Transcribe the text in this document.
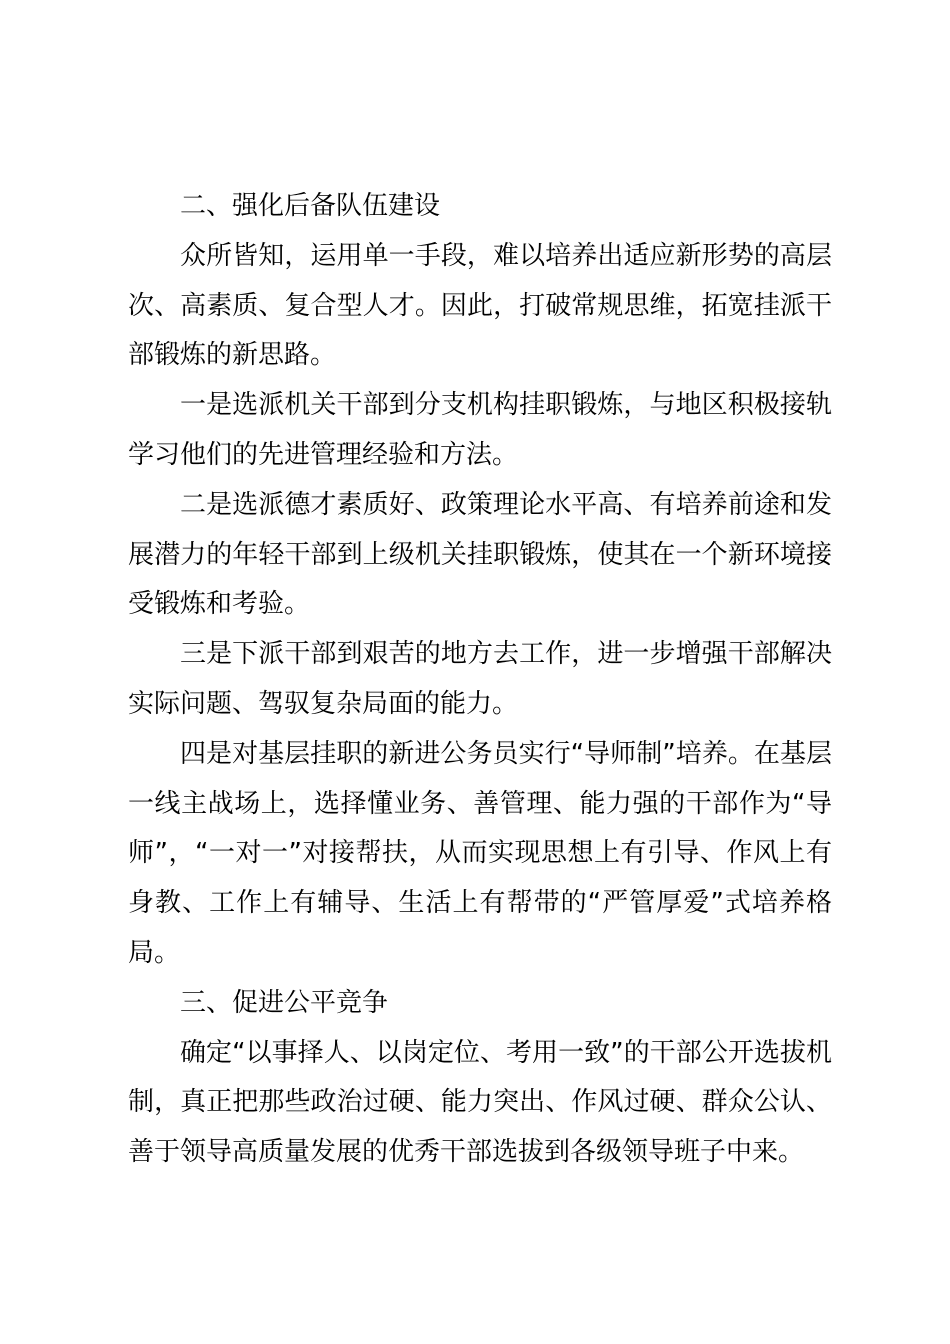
二、强化后备队伍建设

众所皆知，运用单一手段，难以培养出适应新形势的高层次、高素质、复合型人才。因此，打破常规思维，拓宽挂派干部锻炼的新思路。

一是选派机关干部到分支机构挂职锻炼，与地区积极接轨学习他们的先进管理经验和方法。

二是选派德才素质好、政策理论水平高、有培养前途和发展潜力的年轻干部到上级机关挂职锻炼，使其在一个新环境接受锻炼和考验。

三是下派干部到艰苦的地方去工作，进一步增强干部解决实际问题、驾驭复杂局面的能力。

四是对基层挂职的新进公务员实行“导师制”培养。在基层一线主战场上，选择懂业务、善管理、能力强的干部作为“导师”，“一对一”对接帮扶，从而实现思想上有引导、作风上有身教、工作上有辅导、生活上有帮带的“严管厚爱”式培养格局。

三、促进公平竞争

确定“以事择人、以岗定位、考用一致”的干部公开选拔机制，真正把那些政治过硬、能力突出、作风过硬、群众公认、善于领导高质量发展的优秀干部选拔到各级领导班子中来。
